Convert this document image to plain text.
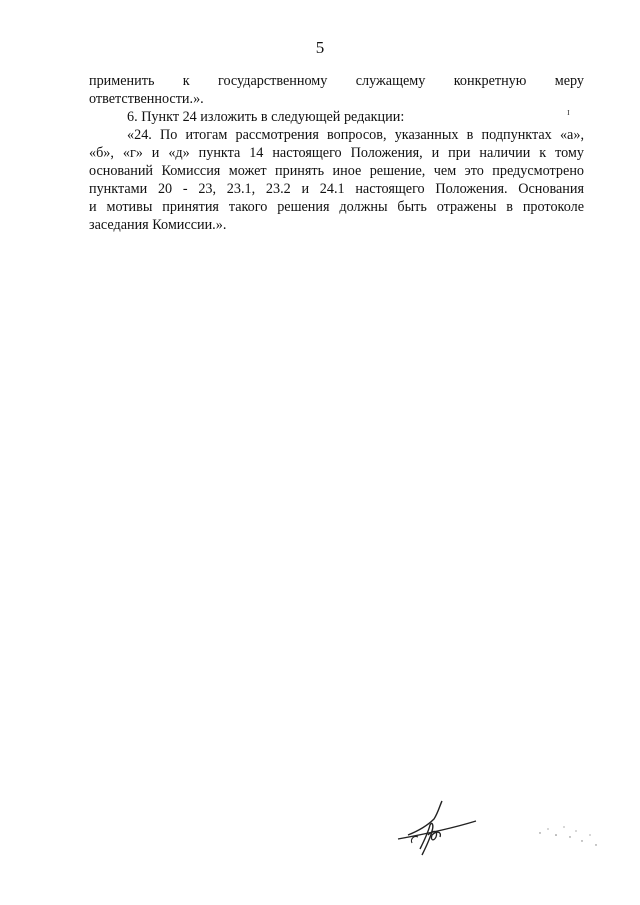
5
применить к государственному служащему конкретную меру
ответственности.».
6. Пункт 24 изложить в следующей редакции:
«24. По итогам рассмотрения вопросов, указанных в подпунктах «а»,
«б», «г» и «д» пункта 14 настоящего Положения, и при наличии к тому
оснований Комиссия может принять иное решение, чем это предусмотрено
пунктами 20 - 23, 23.1, 23.2 и 24.1 настоящего Положения. Основания
и мотивы принятия такого решения должны быть отражены в протоколе
заседания Комиссии.».
ɪ
